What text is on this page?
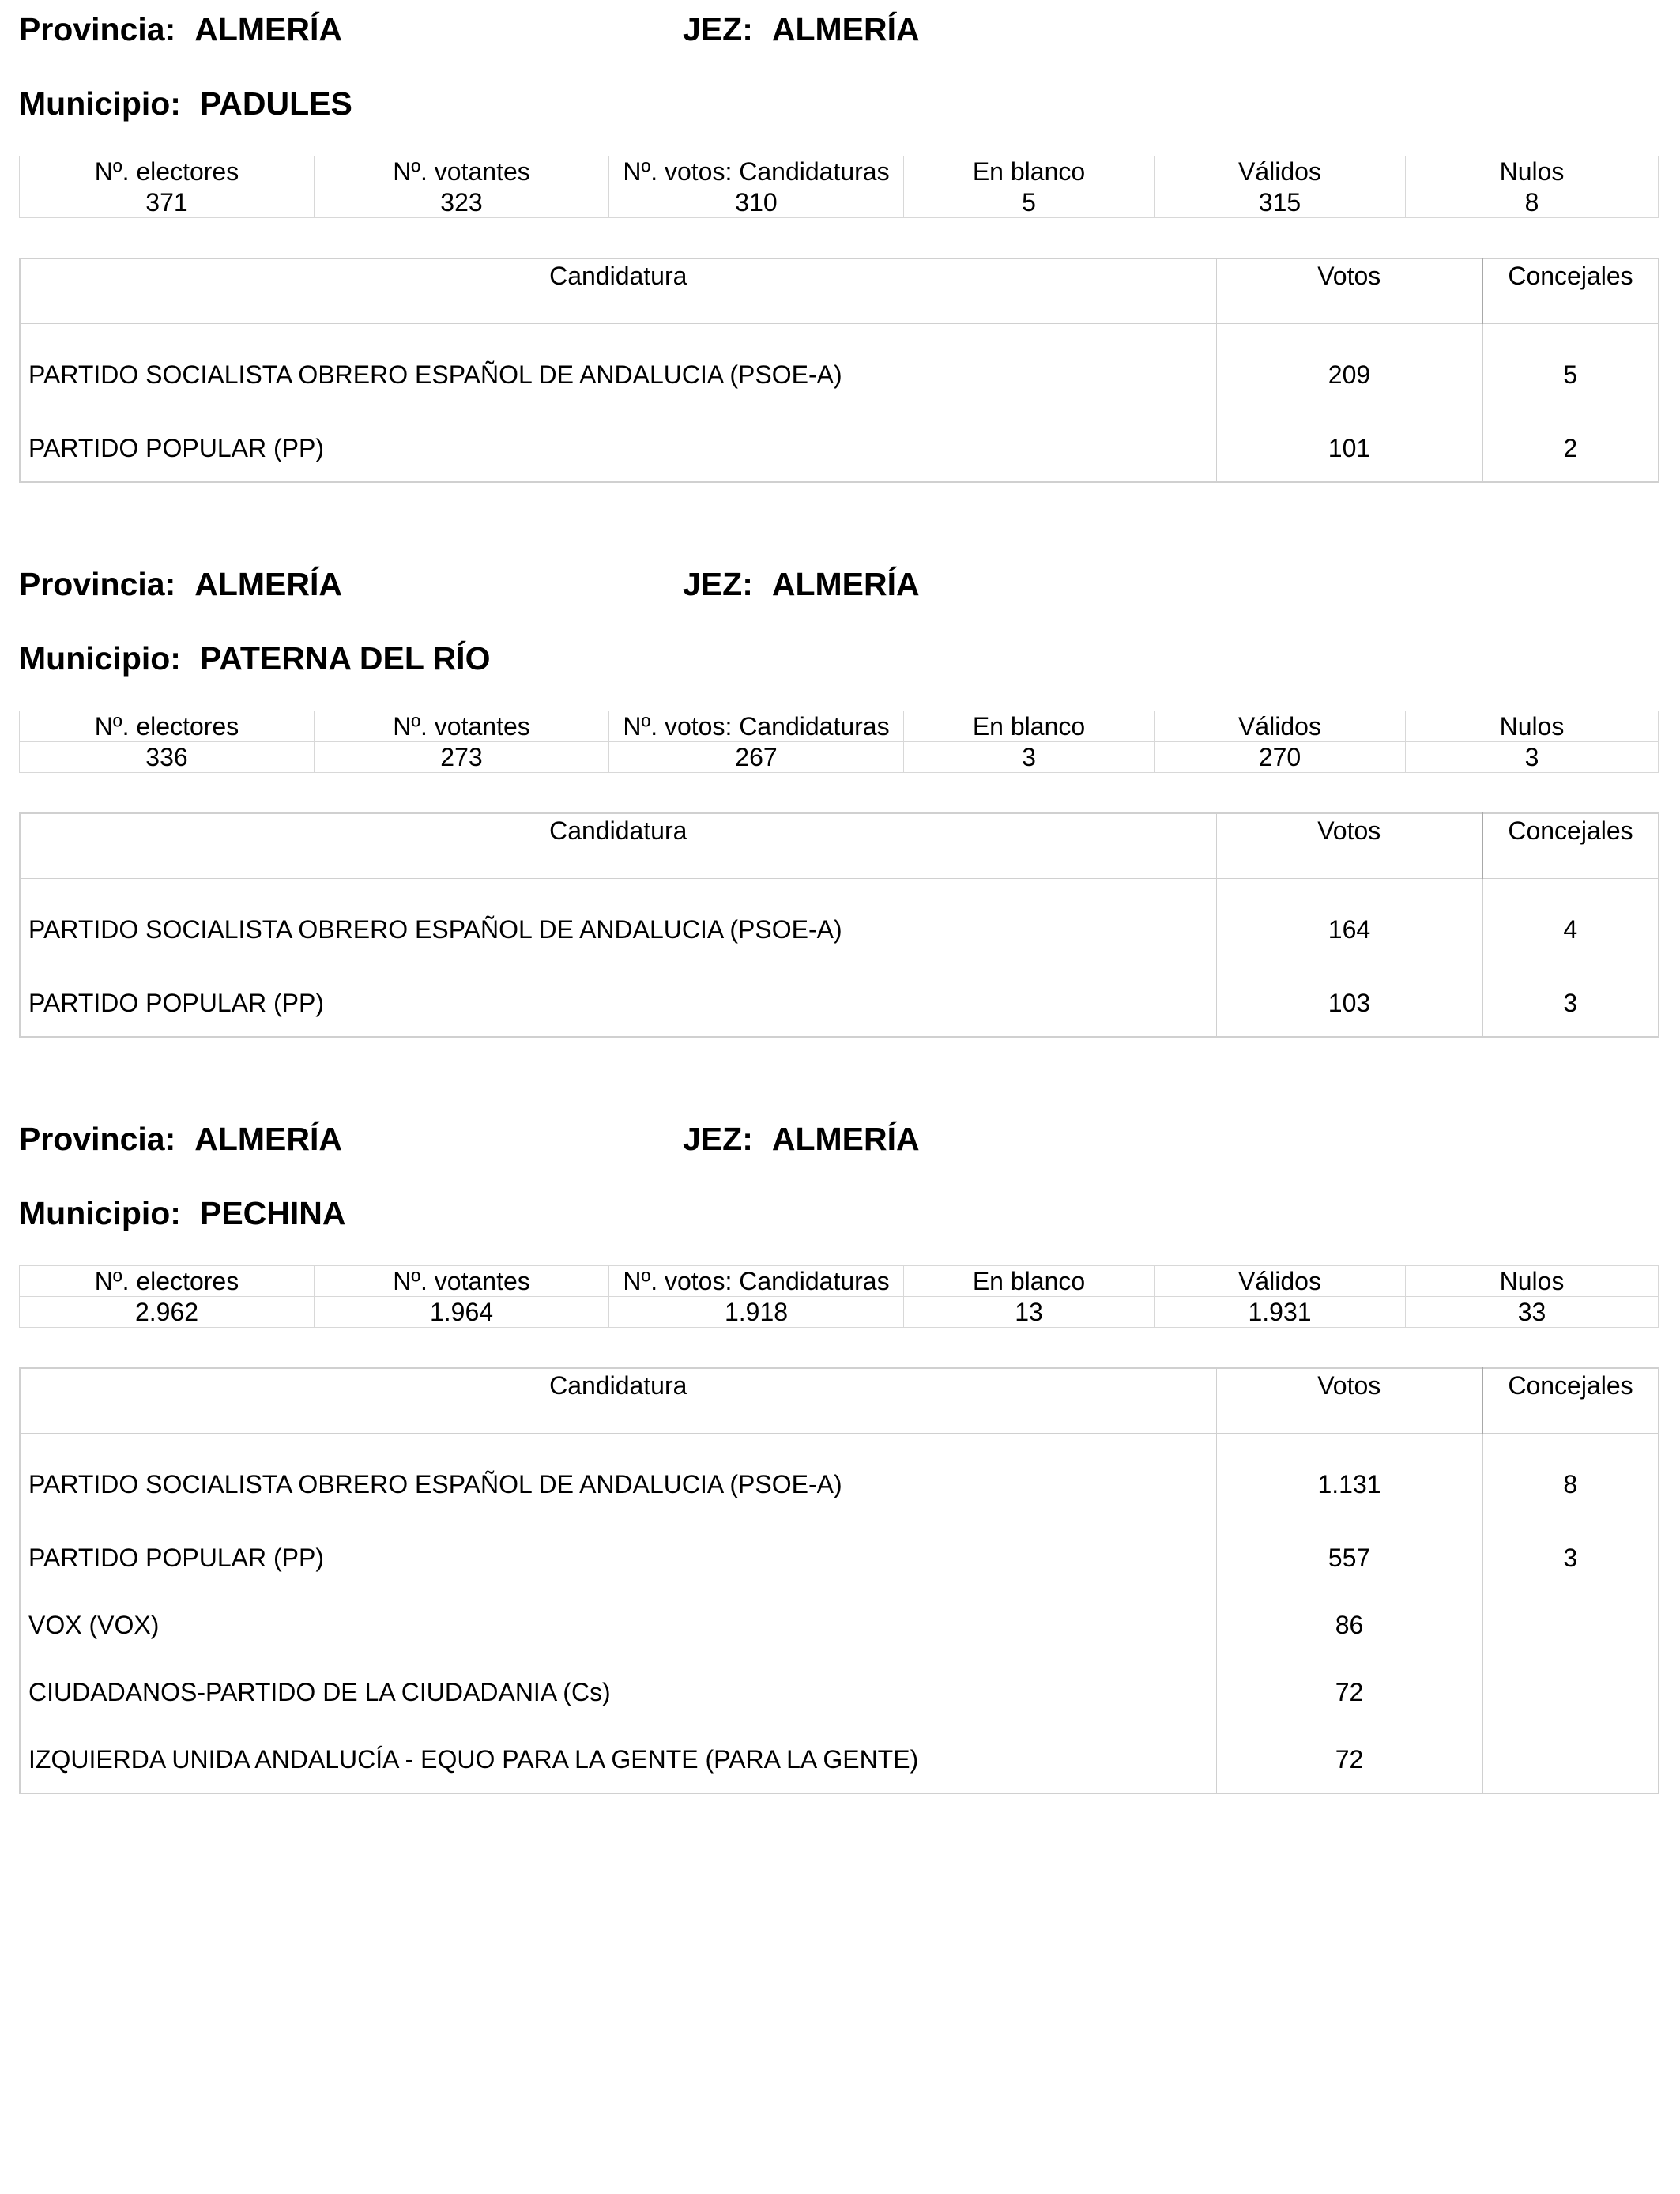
Provincia: ALMERÍA	JEZ: ALMERÍA
Municipio: PADULES
Nº. electores	Nº. votantes	Nº. votos: Candidaturas	En blanco	Válidos	Nulos
371	323	310	5	315	8
Candidatura	Votos	Concejales
PARTIDO SOCIALISTA OBRERO ESPAÑOL DE ANDALUCIA (PSOE-A)	209	5
PARTIDO POPULAR (PP)	101	2
Provincia: ALMERÍA	JEZ: ALMERÍA
Municipio: PATERNA DEL RÍO
Nº. electores	Nº. votantes	Nº. votos: Candidaturas	En blanco	Válidos	Nulos
336	273	267	3	270	3
Candidatura	Votos	Concejales
PARTIDO SOCIALISTA OBRERO ESPAÑOL DE ANDALUCIA (PSOE-A)	164	4
PARTIDO POPULAR (PP)	103	3
Provincia: ALMERÍA	JEZ: ALMERÍA
Municipio: PECHINA
Nº. electores	Nº. votantes	Nº. votos: Candidaturas	En blanco	Válidos	Nulos
2.962	1.964	1.918	13	1.931	33
Candidatura	Votos	Concejales
PARTIDO SOCIALISTA OBRERO ESPAÑOL DE ANDALUCIA (PSOE-A)	1.131	8
PARTIDO POPULAR (PP)	557	3
VOX (VOX)	86	
CIUDADANOS-PARTIDO DE LA CIUDADANIA (Cs)	72	
IZQUIERDA UNIDA ANDALUCÍA - EQUO PARA LA GENTE (PARA LA GENTE)	72	
